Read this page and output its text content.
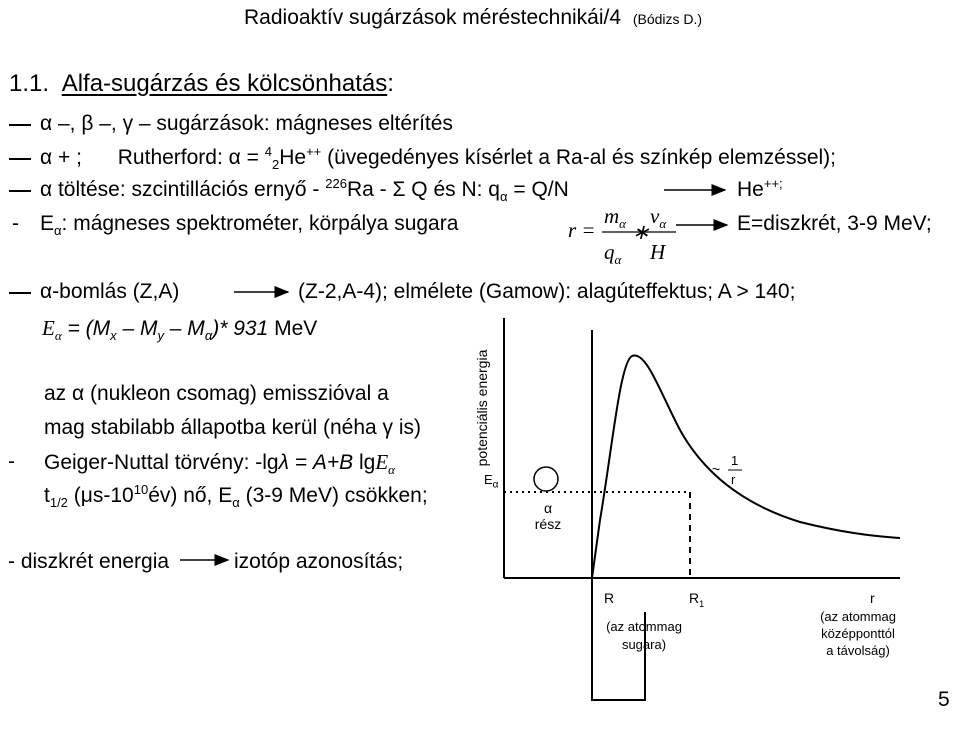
Radioaktív sugárzások méréstechnikái/4 (Bódizs D.)
1.1. Alfa-sugárzás és kölcsönhatás:
α –, β –, γ – sugárzások: mágneses eltérítés
α + ; Rutherford: α = $^4_2$He++ (üvegedényes kísérlet a Ra-al és színkép elemzéssel);
α töltése: szcintillációs ernyő - $^{226}$Ra - Σ Q és N: $q_\alpha = Q/N$	He++;
- $E_\alpha$: mágneses spektrométer, körpálya sugara	E=diszkrét, 3-9 MeV;
r =
$m_\alpha$ ∗
$v_\alpha$
$q_\alpha$ H
α-bomlás (Z,A)	(Z-2,A-4); elmélete (Gamow): alagúteffektus; A > 140;
$E_\alpha = (M_x - M_y - M_\alpha)*$ 931 MeV
az α (nukleon csomag) emisszióval a
mag stabilabb állapotba kerül (néha γ is)
- Geiger-Nuttal törvény: -lgλ = A+B lgE$_\alpha$
$t_{1/2}$ $(\mu s-10^{10}év)$ nő, $E_\alpha$ (3-9 MeV) csökken;
- diszkrét energia	izotóp azonosítás;
potenciális energia
$E_\alpha$
α
rész
~
1
r
R	$R_1$	r
(az atommag
sugara)
(az atommag
középponttól
a távolság)
5
